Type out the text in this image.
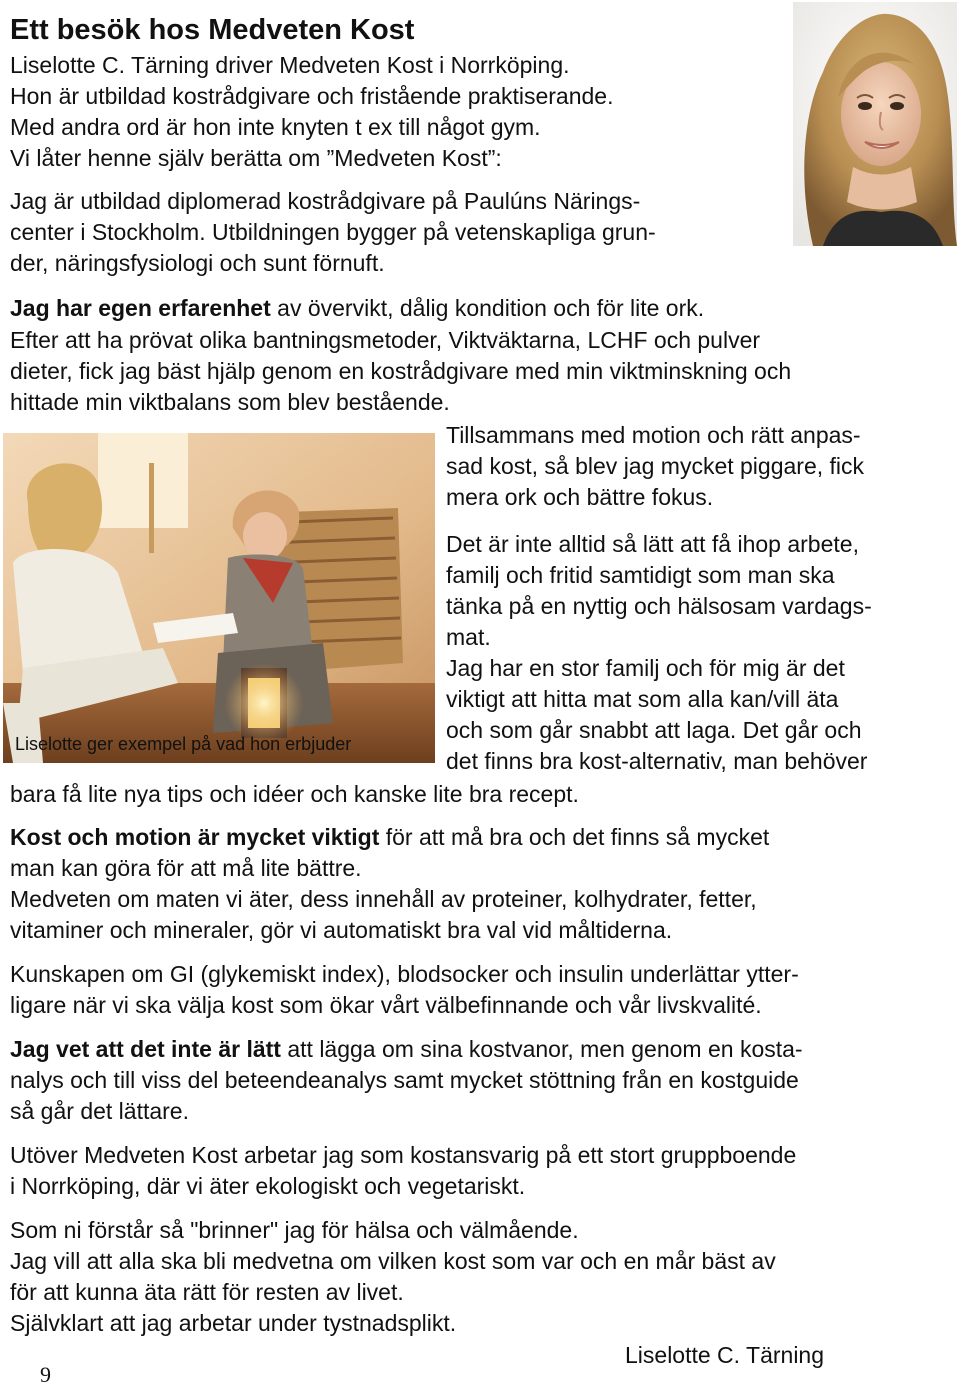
Ett besök hos Medveten Kost

Liselotte C. Tärning driver Medveten Kost i Norrköping.

Hon är utbildad kostrådgivare och fristående praktiserande.

Med andra ord är hon inte knyten t ex till något gym.

Vi låter henne själv berätta om ”Medveten Kost”:

Jag är utbildad diplomerad kostrådgivare på Paulúns Närings-

center i Stockholm. Utbildningen bygger på vetenskapliga grun-

der, näringsfysiologi och sunt förnuft.

Jag har egen erfarenhet av övervikt, dålig kondition och för lite ork.

Efter att ha prövat olika bantningsmetoder, Viktväktarna, LCHF och pulver

dieter, fick jag bäst hjälp genom en kostrådgivare med min viktminskning och

hittade min viktbalans som blev bestående.

Tillsammans med motion och rätt anpas-

sad kost, så blev jag mycket piggare, fick

mera ork och bättre fokus.

Det är inte alltid så lätt att få ihop arbete,

familj och fritid samtidigt som man ska

tänka på en nyttig och hälsosam vardags-

mat.

Jag har en stor familj och för mig är det

viktigt att hitta mat som alla kan/vill äta

och som går snabbt att laga. Det går och

det finns bra kost-alternativ, man behöver

Liselotte ger exempel på vad hon erbjuder

bara få lite nya tips och idéer och kanske lite bra recept.

Kost och motion är mycket viktigt för att må bra och det finns så mycket

man kan göra för att må lite bättre.

Medveten om maten vi äter, dess innehåll av proteiner, kolhydrater, fetter,

vitaminer och mineraler, gör vi automatiskt bra val vid måltiderna.

Kunskapen om GI (glykemiskt index), blodsocker och insulin underlättar ytter-

ligare när vi ska välja kost som ökar vårt välbefinnande och vår livskvalité.

Jag vet att det inte är lätt att lägga om sina kostvanor, men genom en kosta-

nalys och till viss del beteendeanalys samt mycket stöttning från en kostguide

så går det lättare.

Utöver Medveten Kost arbetar jag som kostansvarig på ett stort gruppboende

i Norrköping, där vi äter ekologiskt och vegetariskt.

Som ni förstår så "brinner" jag för hälsa och välmående.

Jag vill att alla ska bli medvetna om vilken kost som var och en mår bäst av

för att kunna äta rätt för resten av livet.

Självklart att jag arbetar under tystnadsplikt.

Liselotte C. Tärning
9
